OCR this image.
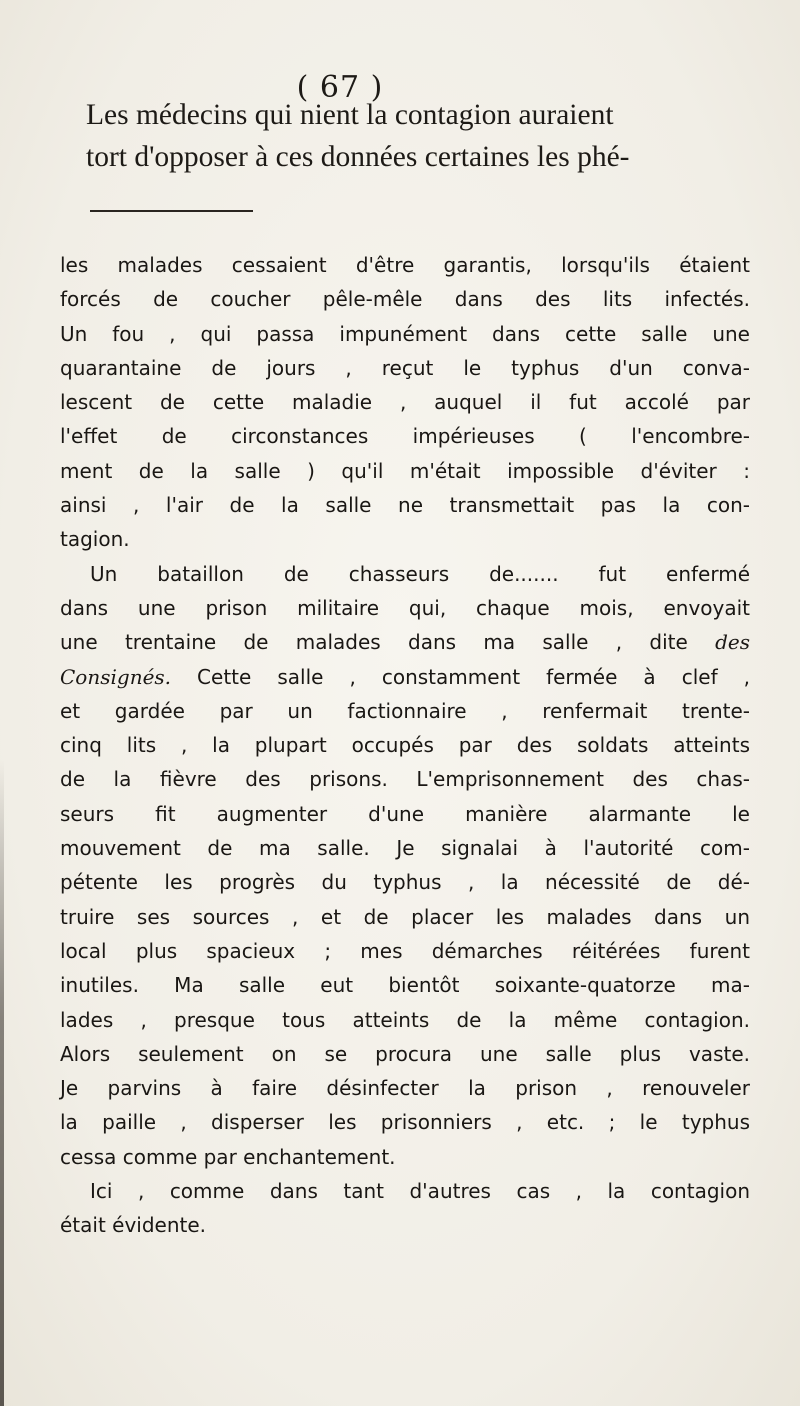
( 67 )
Les médecins qui nient la contagion auraient
tort d'opposer à ces données certaines les phé-
les malades cessaient d'être garantis, lorsqu'ils étaient
forcés de coucher pêle-mêle dans des lits infectés.
Un fou , qui passa impunément dans cette salle une
quarantaine de jours , reçut le typhus d'un conva-
lescent de cette maladie , auquel il fut accolé par
l'effet de circonstances impérieuses ( l'encombre-
ment de la salle ) qu'il m'était impossible d'éviter :
ainsi , l'air de la salle ne transmettait pas la con-
tagion.
Un bataillon de chasseurs de....... fut enfermé
dans une prison militaire qui, chaque mois, envoyait
une trentaine de malades dans ma salle , dite des
Consignés. Cette salle , constamment fermée à clef ,
et gardée par un factionnaire , renfermait trente-
cinq lits , la plupart occupés par des soldats atteints
de la fièvre des prisons. L'emprisonnement des chas-
seurs fit augmenter d'une manière alarmante le
mouvement de ma salle. Je signalai à l'autorité com-
pétente les progrès du typhus , la nécessité de dé-
truire ses sources , et de placer les malades dans un
local plus spacieux ; mes démarches réitérées furent
inutiles. Ma salle eut bientôt soixante-quatorze ma-
lades , presque tous atteints de la même contagion.
Alors seulement on se procura une salle plus vaste.
Je parvins à faire désinfecter la prison , renouveler
la paille , disperser les prisonniers , etc. ; le typhus
cessa comme par enchantement.
Ici , comme dans tant d'autres cas , la contagion
était évidente.
